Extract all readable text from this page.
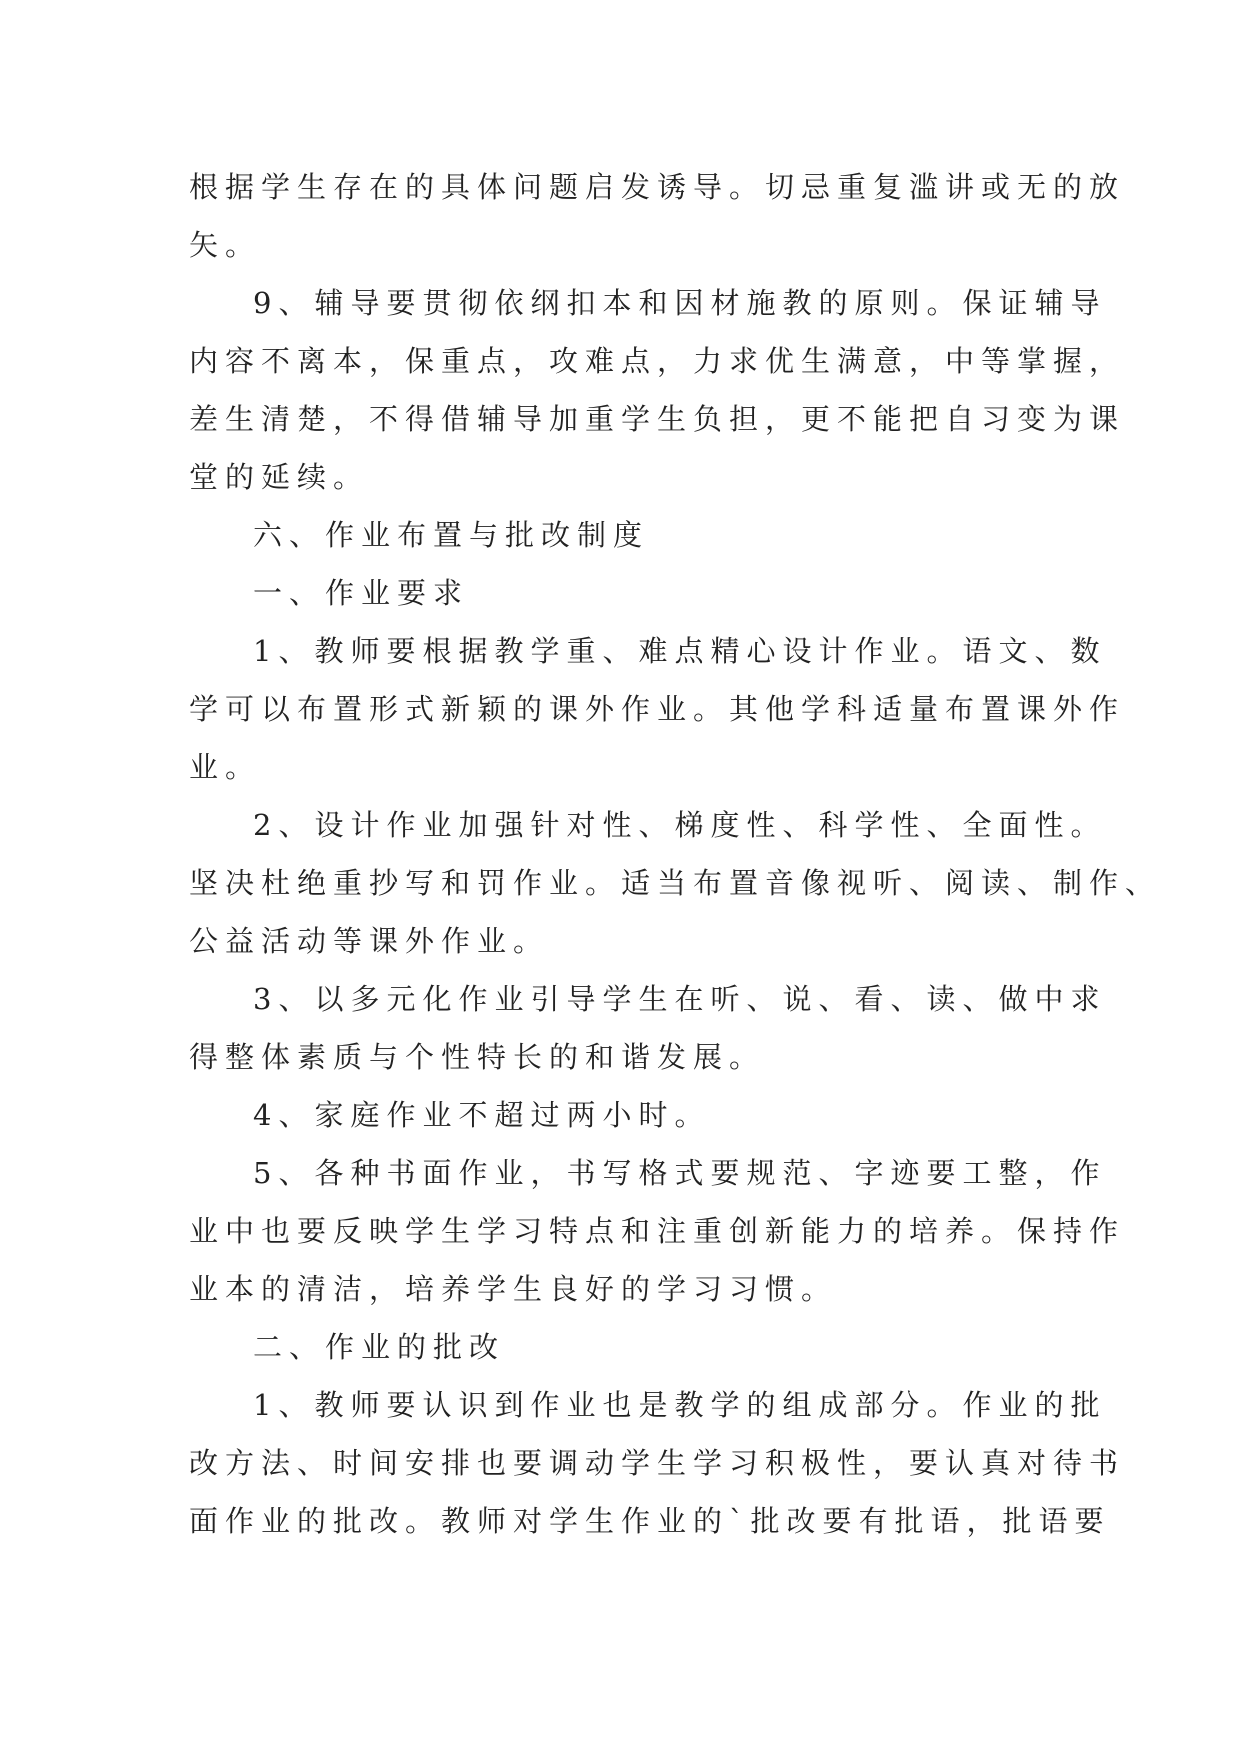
根据学生存在的具体问题启发诱导。切忌重复滥讲或无的放
矢。
9、辅导要贯彻依纲扣本和因材施教的原则。保证辅导
内容不离本，保重点，攻难点，力求优生满意，中等掌握，
差生清楚，不得借辅导加重学生负担，更不能把自习变为课
堂的延续。
六、作业布置与批改制度
一、作业要求
1、教师要根据教学重、难点精心设计作业。语文、数
学可以布置形式新颖的课外作业。其他学科适量布置课外作
业。
2、设计作业加强针对性、梯度性、科学性、全面性。
坚决杜绝重抄写和罚作业。适当布置音像视听、阅读、制作、
公益活动等课外作业。
3、以多元化作业引导学生在听、说、看、读、做中求
得整体素质与个性特长的和谐发展。
4、家庭作业不超过两小时。
5、各种书面作业，书写格式要规范、字迹要工整，作
业中也要反映学生学习特点和注重创新能力的培养。保持作
业本的清洁，培养学生良好的学习习惯。
二、作业的批改
1、教师要认识到作业也是教学的组成部分。作业的批
改方法、时间安排也要调动学生学习积极性，要认真对待书
面作业的批改。教师对学生作业的`批改要有批语，批语要
